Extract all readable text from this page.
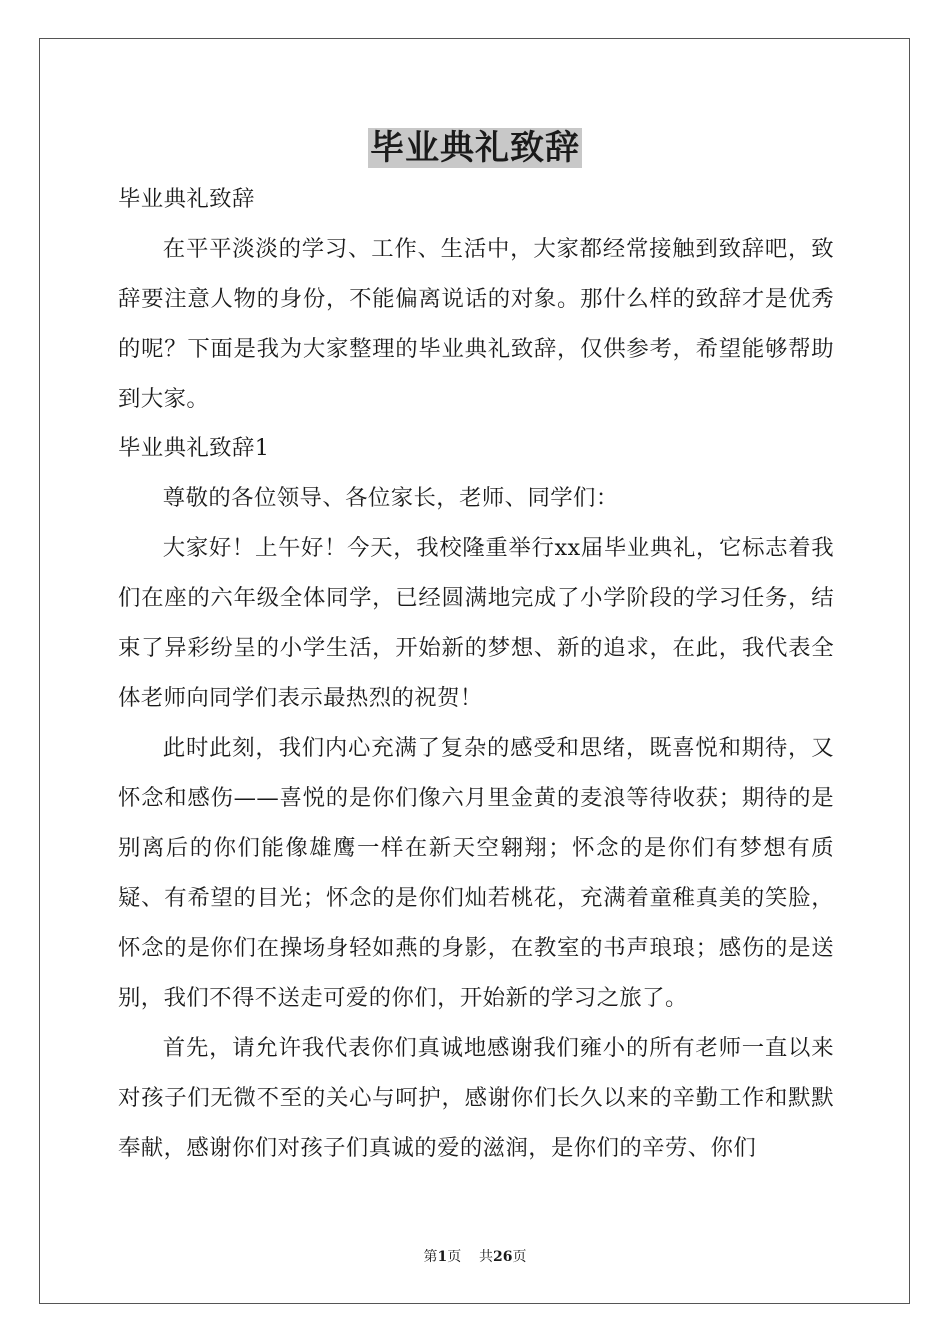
毕业典礼致辞

毕业典礼致辞

在平平淡淡的学习、工作、生活中，大家都经常接触到致辞吧，致辞要注意人物的身份，不能偏离说话的对象。那什么样的致辞才是优秀的呢？下面是我为大家整理的毕业典礼致辞，仅供参考，希望能够帮助到大家。

毕业典礼致辞1

尊敬的各位领导、各位家长，老师、同学们：

大家好！上午好！今天，我校隆重举行xx届毕业典礼，它标志着我们在座的六年级全体同学，已经圆满地完成了小学阶段的学习任务，结束了异彩纷呈的小学生活，开始新的梦想、新的追求，在此，我代表全体老师向同学们表示最热烈的祝贺！

此时此刻，我们内心充满了复杂的感受和思绪，既喜悦和期待，又怀念和感伤——喜悦的是你们像六月里金黄的麦浪等待收获；期待的是别离后的你们能像雄鹰一样在新天空翱翔；怀念的是你们有梦想有质疑、有希望的目光；怀念的是你们灿若桃花，充满着童稚真美的笑脸，怀念的是你们在操场身轻如燕的身影，在教室的书声琅琅；感伤的是送别，我们不得不送走可爱的你们，开始新的学习之旅了。

首先，请允许我代表你们真诚地感谢我们雍小的所有老师一直以来对孩子们无微不至的关心与呵护，感谢你们长久以来的辛勤工作和默默奉献，感谢你们对孩子们真诚的爱的滋润，是你们的辛劳、你们

第1页 共26页
